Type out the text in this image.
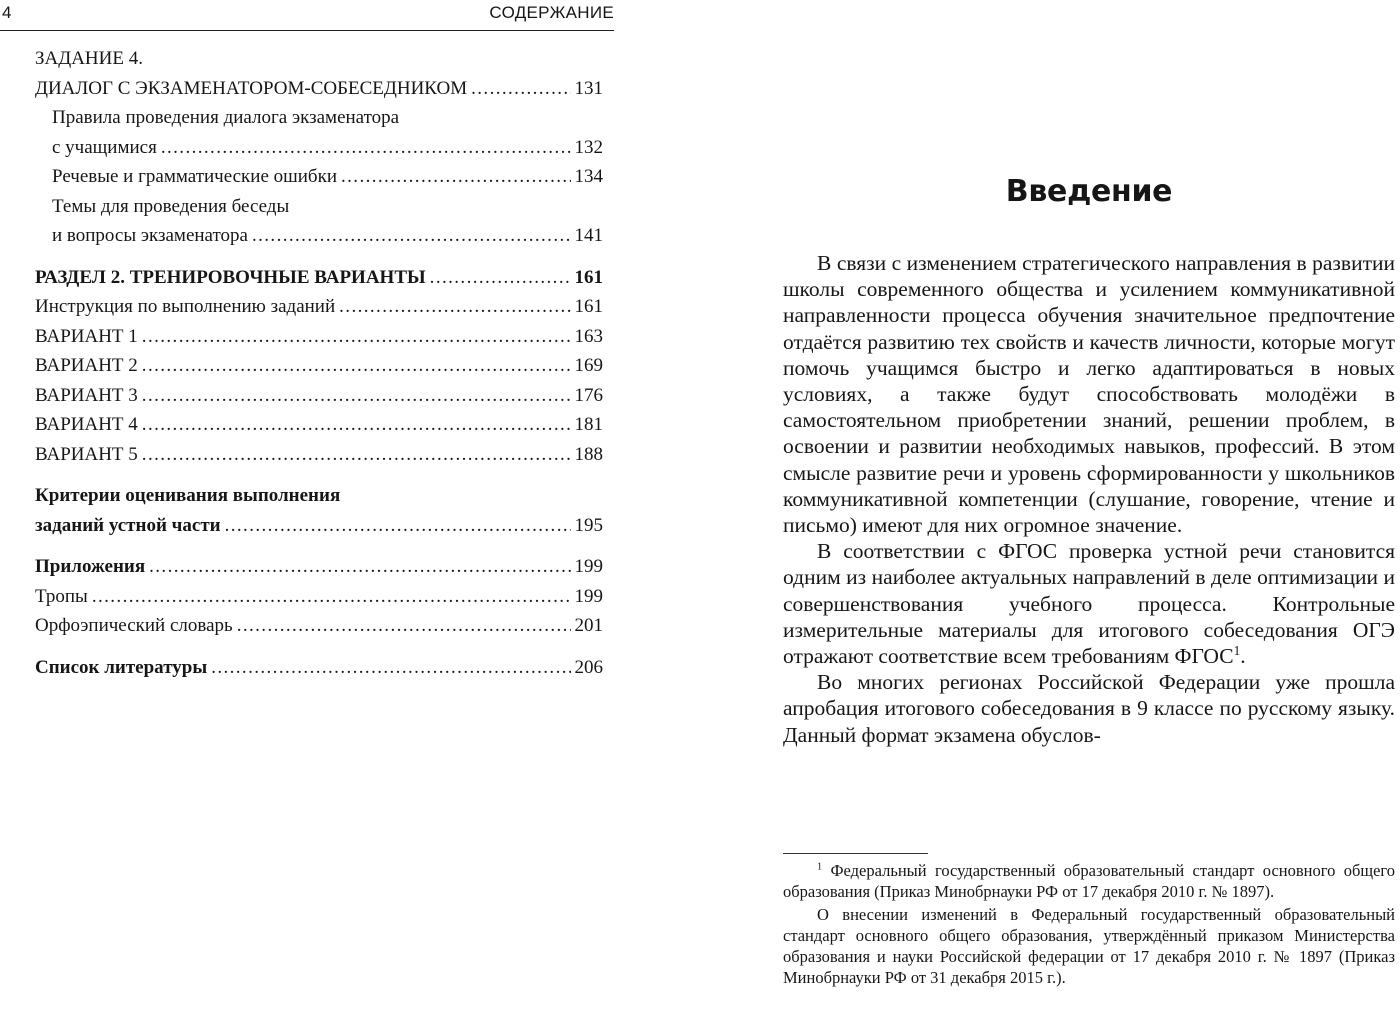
4	СОДЕРЖАНИЕ
ЗАДАНИЕ 4.
ДИАЛОГ С ЭКЗАМЕНАТОРОМ-СОБЕСЕДНИКОМ .....	131
Правила проведения диалога экзаменатора
с учащимися .....	132
Речевые и грамматические ошибки .....	134
Темы для проведения беседы
и вопросы экзаменатора .....	141
РАЗДЕЛ 2. ТРЕНИРОВОЧНЫЕ ВАРИАНТЫ .....	161
Инструкция по выполнению заданий .....	161
ВАРИАНТ 1 .....	163
ВАРИАНТ 2 .....	169
ВАРИАНТ 3 .....	176
ВАРИАНТ 4 .....	181
ВАРИАНТ 5 .....	188
Критерии оценивания выполнения
заданий устной части .....	195
Приложения .....	199
Тропы .....	199
Орфоэпический словарь .....	201
Список литературы .....	206
Введение

В связи с изменением стратегического направления в развитии школы современного общества и усилением коммуникативной направленности процесса обучения значительное предпочтение отдаётся развитию тех свойств и качеств личности, которые могут помочь учащимся быстро и легко адаптироваться в новых условиях, а также будут способствовать молодёжи в самостоятельном приобретении знаний, решении проблем, в освоении и развитии необходимых навыков, профессий. В этом смысле развитие речи и уровень сформированности у школьников коммуникативной компетенции (слушание, говорение, чтение и письмо) имеют для них огромное значение.

В соответствии с ФГОС проверка устной речи становится одним из наиболее актуальных направлений в деле оптимизации и совершенствования учебного процесса. Контрольные измерительные материалы для итогового собеседования ОГЭ отражают соответствие всем требованиям ФГОС$^1$.

Во многих регионах Российской Федерации уже прошла апробация итогового собеседования в 9 классе по русскому языку. Данный формат экзамена обуслов-

$^1$ Федеральный государственный образовательный стандарт основного общего образования (Приказ Минобрнауки РФ от 17 декабря 2010 г. № 1897).

О внесении изменений в Федеральный государственный образовательный стандарт основного общего образования, утверждённый приказом Министерства образования и науки Российской федерации от 17 декабря 2010 г. № 1897 (Приказ Минобрнауки РФ от 31 декабря 2015 г.).
